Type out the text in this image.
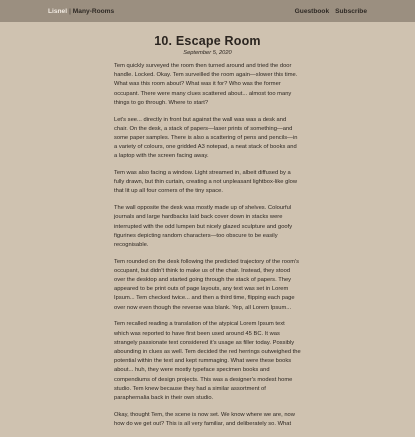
Lisnel | Many-Rooms	Guestbook Subscribe
10. Escape Room
September 5, 2020

Tem quickly surveyed the room then turned around and tried the door handle. Locked. Okay. Tem surveilled the room again—slower this time. What was this room about? What was it for? Who was the former occupant. There were many clues scattered about... almost too many things to go through. Where to start?

Let's see... directly in front but against the wall was was a desk and chair. On the desk, a stack of papers—laser prints of something—and some paper samples. There is also a scattering of pens and pencils—in a variety of colours, one gridded A3 notepad, a neat stack of books and a laptop with the screen facing away.

Tem was also facing a window. Light streamed in, albeit diffused by a fully drawn, but thin curtain, creating a not unpleasant lightbox-like glow that lit up all four corners of the tiny space.

The wall opposite the desk was mostly made up of shelves. Colourful journals and large hardbacks laid back cover down in stacks were interrupted with the odd lumpen but nicely glazed sculpture and goofy figurines depicting random characters—too obscure to be easily recognisable.

Tem rounded on the desk following the predicted trajectory of the room's occupant, but didn't think to make us of the chair. Instead, they stood over the desktop and started going through the stack of papers. They appeared to be print outs of page layouts, any text was set in Lorem Ipsum... Tem checked twice... and then a third time, flipping each page over now even though the reverse was blank. Yep, all Lorem Ipsum...

Tem recalled reading a translation of the atypical Lorem Ipsum text which was reported to have first been used around 45 BC. It was strangely passionate text considered it's usage as filler today. Possibly abounding in clues as well. Tem decided the red herrings outweighed the potential within the text and kept rummaging. What were these books about... huh, they were mostly typeface specimen books and compendiums of design projects. This was a designer's modest home studio. Tem knew because they had a similar assortment of paraphernalia back in their own studio.

Okay, thought Tem, the scene is now set. We know where we are, now how do we get out? This is all very familiar, and deliberately so. What
